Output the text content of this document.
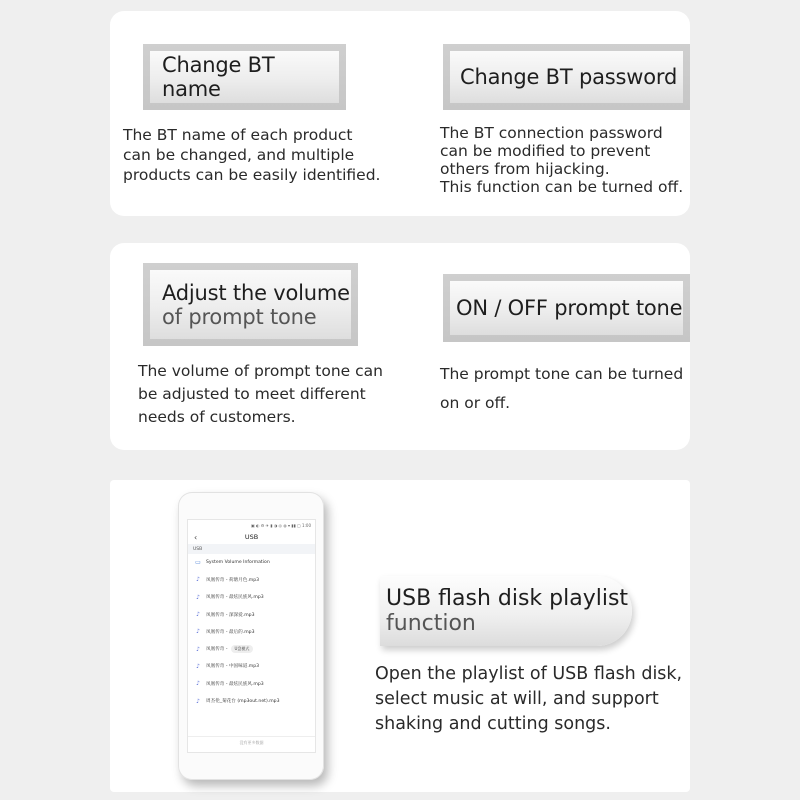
Change BT name
The BT name of each product
can be changed, and multiple
products can be easily identified.
Change BT password
The BT connection password
can be modified to prevent
others from hijacking.
This function can be turned off.
Adjust the volume
of prompt tone
The volume of prompt tone can
be adjusted to meet different
needs of customers.
ON / OFF prompt tone
The prompt tone can be turned
on or off.
▣ ◐ ⚙ ✈ ▮ ◑ ◎ ◍ ▾ ▮▮ ▢ 1:00
‹	USB
USB
▭ System Volume Information
♪	凤凰传奇 - 荷塘月色.mp3
♪	凤凰传奇 - 最炫民族风.mp3
♪	凤凰传奇 - 深深爱.mp3
♪	凤凰传奇 - 最后的.mp3
♪	凤凰传奇 -	U盘模式
♪	凤凰传奇 - 中国味道.mp3
♪	凤凰传奇 - 最炫民族风.mp3
♪	周杰伦_菊花台 (mp3out.net).mp3
没有更多数据
USB flash disk playlist
function
Open the playlist of USB flash disk,
select music at will, and support
shaking and cutting songs.
